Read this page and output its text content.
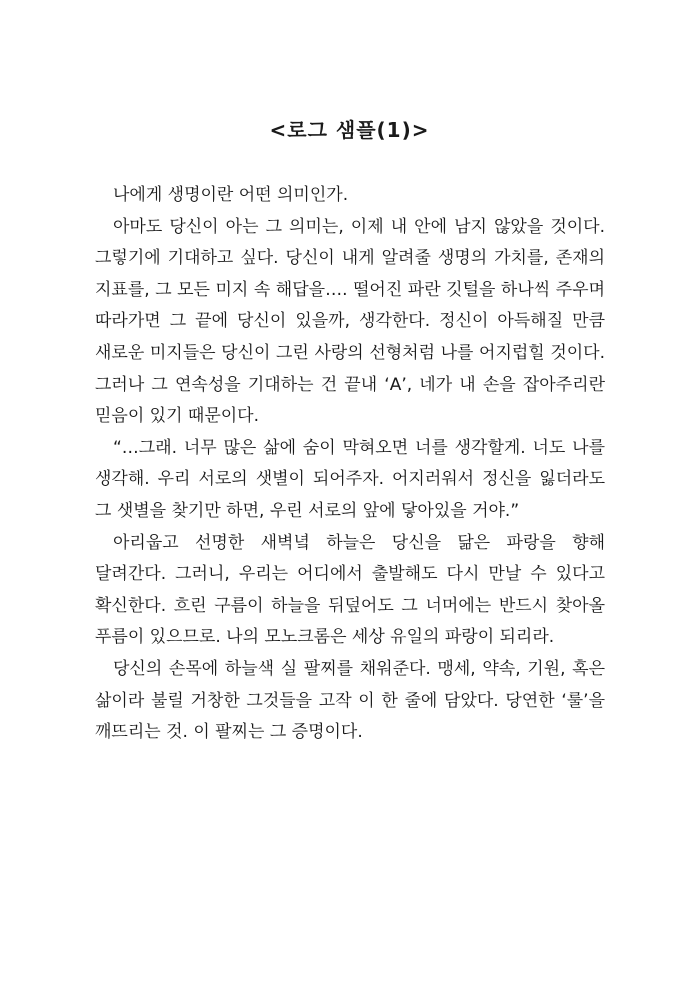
<로그 샘플(1)>

나에게 생명이란 어떤 의미인가.

아마도 당신이 아는 그 의미는, 이제 내 안에 남지 않았을 것이다. 그렇기에 기대하고 싶다. 당신이 내게 알려줄 생명의 가치를, 존재의 지표를, 그 모든 미지 속 해답을…. 떨어진 파란 깃털을 하나씩 주우며 따라가면 그 끝에 당신이 있을까, 생각한다. 정신이 아득해질 만큼 새로운 미지들은 당신이 그린 사랑의 선형처럼 나를 어지럽힐 것이다. 그러나 그 연속성을 기대하는 건 끝내 ‘A’, 네가 내 손을 잡아주리란 믿음이 있기 때문이다.

“…그래. 너무 많은 삶에 숨이 막혀오면 너를 생각할게. 너도 나를 생각해. 우리 서로의 샛별이 되어주자. 어지러워서 정신을 잃더라도 그 샛별을 찾기만 하면, 우린 서로의 앞에 닿아있을 거야.”

아리웁고 선명한 새벽녘 하늘은 당신을 닮은 파랑을 향해 달려간다. 그러니, 우리는 어디에서 출발해도 다시 만날 수 있다고 확신한다. 흐린 구름이 하늘을 뒤덮어도 그 너머에는 반드시 찾아올 푸름이 있으므로. 나의 모노크롬은 세상 유일의 파랑이 되리라.

당신의 손목에 하늘색 실 팔찌를 채워준다. 맹세, 약속, 기원, 혹은 삶이라 불릴 거창한 그것들을 고작 이 한 줄에 담았다. 당연한 ‘룰’을 깨뜨리는 것. 이 팔찌는 그 증명이다.
